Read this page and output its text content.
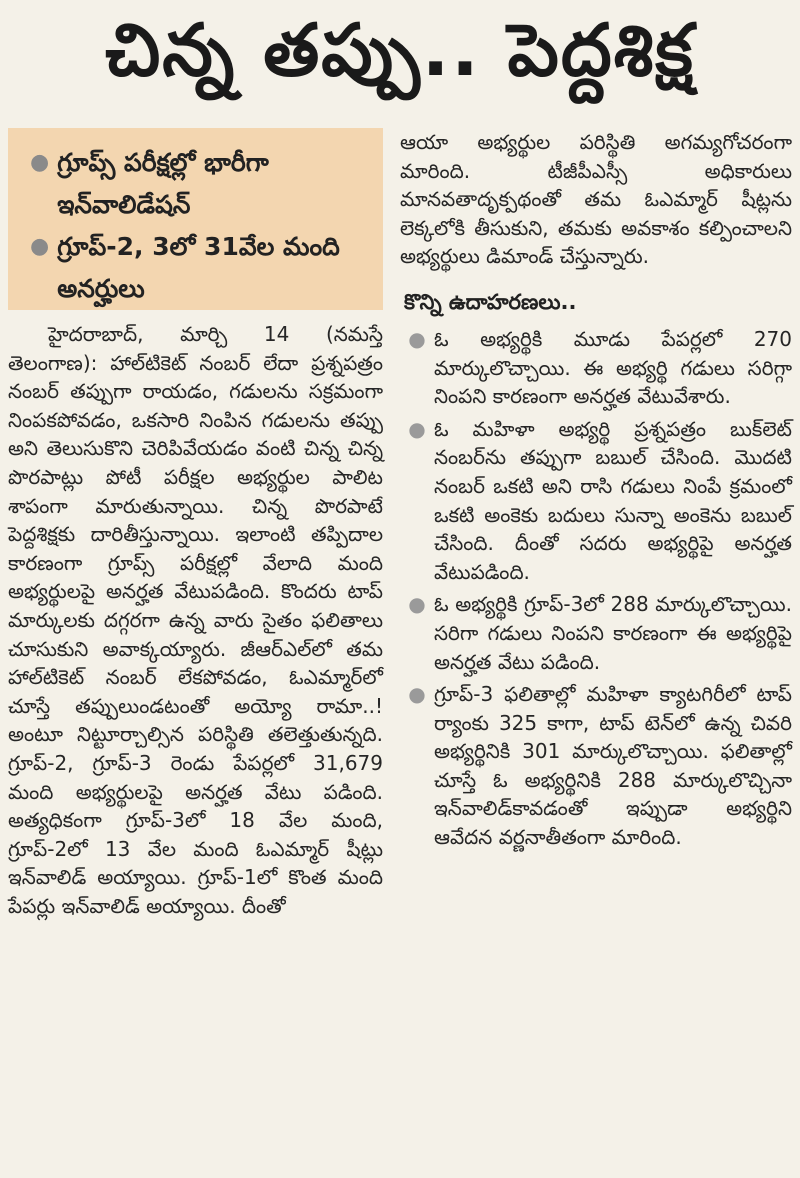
చిన్న తప్పు.. పెద్దశిక్ష
● గ్రూప్స్ పరీక్షల్లో భారీగా ఇన్‌వాలిడేషన్
● గ్రూప్-2, 3లో 31వేల మంది అనర్హులు

హైదరాబాద్, మార్చి 14 (నమస్తే తెలంగాణ): హాల్‌టికెట్ నంబర్ లేదా ప్రశ్నపత్రం నంబర్ తప్పుగా రాయడం, గడులను సక్రమంగా నింపకపోవడం, ఒకసారి నింపిన గడులను తప్పు అని తెలుసుకొని చెరిపివేయడం వంటి చిన్న చిన్న పొరపాట్లు పోటీ పరీక్షల అభ్యర్థుల పాలిట శాపంగా మారుతున్నాయి. చిన్న పొరపాటే పెద్దశిక్షకు దారితీస్తున్నాయి. ఇలాంటి తప్పిదాల కారణంగా గ్రూప్స్ పరీక్షల్లో వేలాది మంది అభ్యర్థులపై అనర్హత వేటుపడింది. కొందరు టాప్ మార్కులకు దగ్గరగా ఉన్న వారు సైతం ఫలితాలు చూసుకుని అవాక్కయ్యారు. జీఆర్‌ఎల్‌లో తమ హాల్‌టికెట్ నంబర్ లేకపోవడం, ఓఎమ్మార్‌లో చూస్తే తప్పులుండటంతో అయ్యో రామా..! అంటూ నిట్టూర్చాల్సిన పరిస్థితి తలెత్తుతున్నది. గ్రూప్-2, గ్రూప్-3 రెండు పేపర్లలో 31,679 మంది అభ్యర్థులపై అనర్హత వేటు పడింది. అత్యధికంగా గ్రూప్-3లో 18 వేల మంది, గ్రూప్-2లో 13 వేల మంది ఓఎమ్మార్ షీట్లు ఇన్‌వాలిడ్ అయ్యాయి. గ్రూప్-1లో కొంత మంది పేపర్లు ఇన్‌వాలిడ్ అయ్యాయి. దీంతో

ఆయా అభ్యర్థుల పరిస్థితి అగమ్యగోచరంగా మారింది. టీజీపీఎస్సీ అధికారులు మానవతాదృక్పథంతో తమ ఓఎమ్మార్ షీట్లను లెక్కలోకి తీసుకుని, తమకు అవకాశం కల్పించాలని అభ్యర్థులు డిమాండ్ చేస్తున్నారు.

కొన్ని ఉదాహరణలు..
● ఓ అభ్యర్థికి మూడు పేపర్లలో 270 మార్కులొచ్చాయి. ఈ అభ్యర్థి గడులు సరిగ్గా నింపని కారణంగా అనర్హత వేటువేశారు.
● ఓ మహిళా అభ్యర్థి ప్రశ్నపత్రం బుక్‌లెట్ నంబర్‌ను తప్పుగా బబుల్ చేసింది. మొదటి నంబర్ ఒకటి అని రాసి గడులు నింపే క్రమంలో ఒకటి అంకెకు బదులు సున్నా అంకెను బబుల్ చేసింది. దీంతో సదరు అభ్యర్థిపై అనర్హత వేటుపడింది.
● ఓ అభ్యర్థికి గ్రూప్-3లో 288 మార్కులొచ్చాయి. సరిగా గడులు నింపని కారణంగా ఈ అభ్యర్థిపై అనర్హత వేటు పడింది.
● గ్రూప్-3 ఫలితాల్లో మహిళా క్యాటగిరీలో టాప్ ర్యాంకు 325 కాగా, టాప్ టెన్‌లో ఉన్న చివరి అభ్యర్థినికి 301 మార్కులొచ్చాయి. ఫలితాల్లో చూస్తే ఓ అభ్యర్థినికి 288 మార్కులొచ్చినా ఇన్‌వాలిడ్‌కావడంతో ఇప్పుడా అభ్యర్థిని ఆవేదన వర్ణనాతీతంగా మారింది.
